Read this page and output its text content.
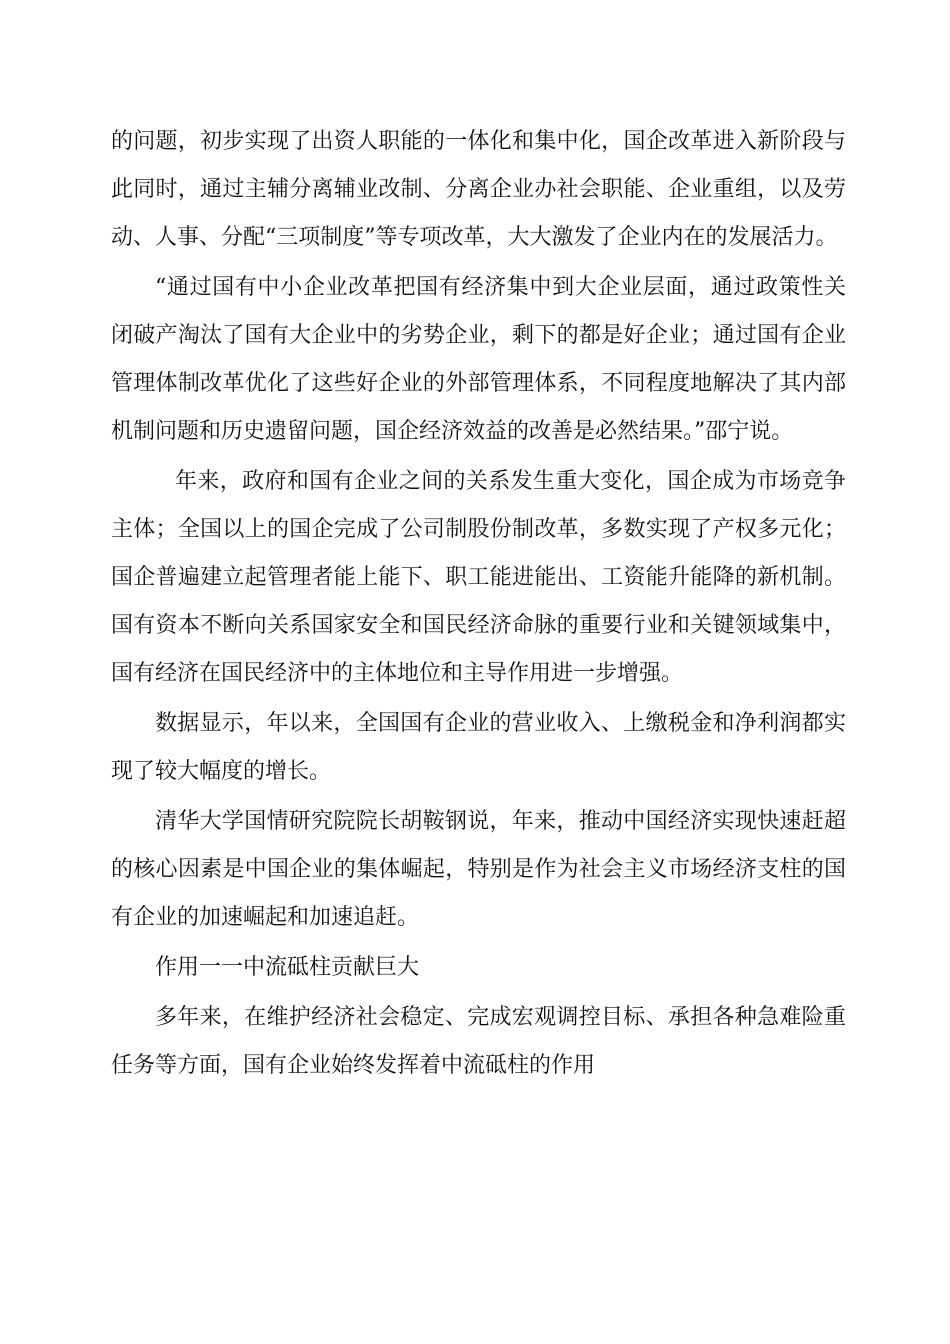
的问题，初步实现了出资人职能的一体化和集中化，国企改革进入新阶段与此同时，通过主辅分离辅业改制、分离企业办社会职能、企业重组，以及劳动、人事、分配“三项制度”等专项改革，大大激发了企业内在的发展活力。

“通过国有中小企业改革把国有经济集中到大企业层面，通过政策性关闭破产淘汰了国有大企业中的劣势企业，剩下的都是好企业；通过国有企业管理体制改革优化了这些好企业的外部管理体系，不同程度地解决了其内部机制问题和历史遗留问题，国企经济效益的改善是必然结果。”邵宁说。

年来，政府和国有企业之间的关系发生重大变化，国企成为市场竞争主体；全国以上的国企完成了公司制股份制改革，多数实现了产权多元化；国企普遍建立起管理者能上能下、职工能进能出、工资能升能降的新机制。国有资本不断向关系国家安全和国民经济命脉的重要行业和关键领域集中，国有经济在国民经济中的主体地位和主导作用进一步增强。

数据显示，年以来，全国国有企业的营业收入、上缴税金和净利润都实现了较大幅度的增长。

清华大学国情研究院院长胡鞍钢说，年来，推动中国经济实现快速赶超的核心因素是中国企业的集体崛起，特别是作为社会主义市场经济支柱的国有企业的加速崛起和加速追赶。

作用一一中流砥柱贡献巨大

多年来，在维护经济社会稳定、完成宏观调控目标、承担各种急难险重任务等方面，国有企业始终发挥着中流砥柱的作用
